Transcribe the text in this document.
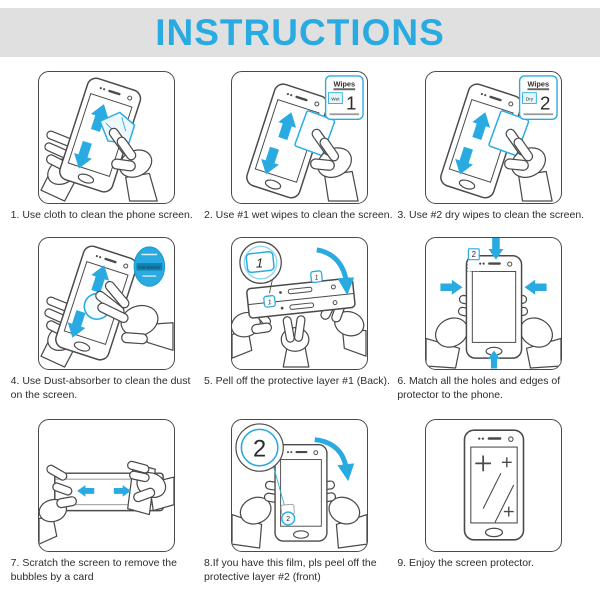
INSTRUCTIONS
1. Use cloth to clean the phone screen.
Wipes
Wet 1
2. Use #1 wet wipes to clean the screen.
Wipes
Dry 2
3. Use #2 dry wipes to clean the screen.
Dust-absorber
4. Use Dust-absorber to clean the dust on the screen.
1
1
1
5. Pell off the protective layer #1 (Back).
2
6. Match all the holes and edges of protector to the phone.
7. Scratch the screen to remove the bubbles by a card
2
2
8.If you have this film, pls peel off the protective layer #2 (front)
9. Enjoy the screen protector.
